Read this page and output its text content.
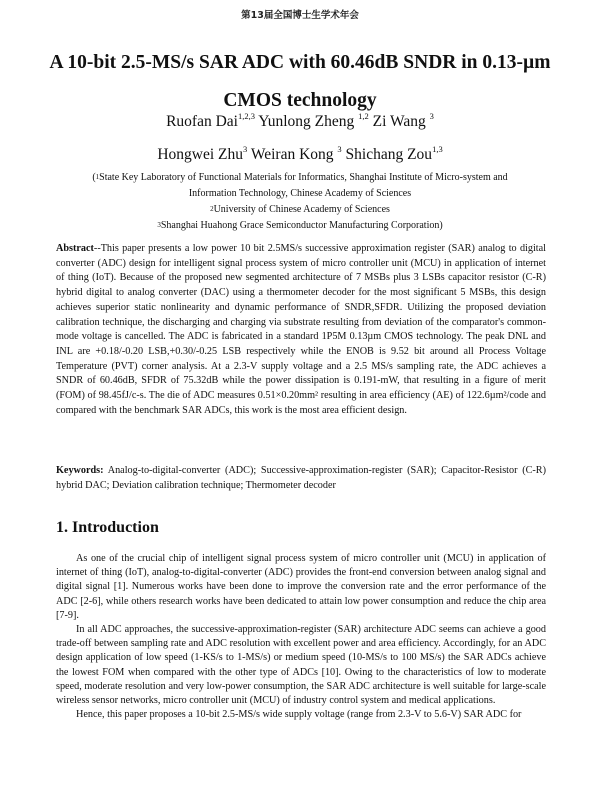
第13届全国博士生学术年会
A 10-bit 2.5-MS/s SAR ADC with 60.46dB SNDR in 0.13-µm CMOS technology
Ruofan Dai$^{1,2,3}$ Yunlong Zheng $^{1,2}$ Zi Wang $^3$
Hongwei Zhu$^3$ Weiran Kong $^3$ Shichang Zou$^{1,3}$
($^1$State Key Laboratory of Functional Materials for Informatics, Shanghai Institute of Micro-system and
Information Technology, Chinese Academy of Sciences
$^2$University of Chinese Academy of Sciences
$^3$Shanghai Huahong Grace Semiconductor Manufacturing Corporation)

Abstract--This paper presents a low power 10 bit 2.5MS/s successive approximation register (SAR) analog to digital converter (ADC) design for intelligent signal process system of micro controller unit (MCU) in application of internet of thing (IoT). Because of the proposed new segmented architecture of 7 MSBs plus 3 LSBs capacitor resistor (C-R) hybrid digital to analog converter (DAC) using a thermometer decoder for the most significant 5 MSBs, this design achieves superior static nonlinearity and dynamic performance of SNDR,SFDR. Utilizing the proposed deviation calibration technique, the discharging and charging via substrate resulting from deviation of the comparator's common-mode voltage is cancelled. The ADC is fabricated in a standard 1P5M 0.13µm CMOS technology. The peak DNL and INL are +0.18/-0.20 LSB,+0.30/-0.25 LSB respectively while the ENOB is 9.52 bit around all Process Voltage Temperature (PVT) corner analysis. At a 2.3-V supply voltage and a 2.5 MS/s sampling rate, the ADC achieves a SNDR of 60.46dB, SFDR of 75.32dB while the power dissipation is 0.191-mW, that resulting in a figure of merit (FOM) of 98.45fJ/c-s. The die of ADC measures 0.51×0.20mm² resulting in area efficiency (AE) of 122.6µm²/code and compared with the benchmark SAR ADCs, this work is the most area efficient design.

Keywords: Analog-to-digital-converter (ADC); Successive-approximation-register (SAR); Capacitor-Resistor (C-R) hybrid DAC; Deviation calibration technique; Thermometer decoder

1. Introduction

As one of the crucial chip of intelligent signal process system of micro controller unit (MCU) in application of internet of thing (IoT), analog-to-digital-converter (ADC) provides the front-end conversion between analog signal and digital signal [1]. Numerous works have been done to improve the conversion rate and the error performance of the ADC [2-6], while others research works have been dedicated to attain low power consumption and reduce the chip area [7-9].

In all ADC approaches, the successive-approximation-register (SAR) architecture ADC seems can achieve a good trade-off between sampling rate and ADC resolution with excellent power and area efficiency. Accordingly, for an ADC design application of low speed (1-KS/s to 1-MS/s) or medium speed (10-MS/s to 100 MS/s) the SAR ADCs achieve the lowest FOM when compared with the other type of ADCs [10]. Owing to the characteristics of low to moderate speed, moderate resolution and very low-power consumption, the SAR ADC architecture is well suitable for large-scale wireless sensor networks, micro controller unit (MCU) of industry control system and medical applications.

Hence, this paper proposes a 10-bit 2.5-MS/s wide supply voltage (range from 2.3-V to 5.6-V) SAR ADC for
